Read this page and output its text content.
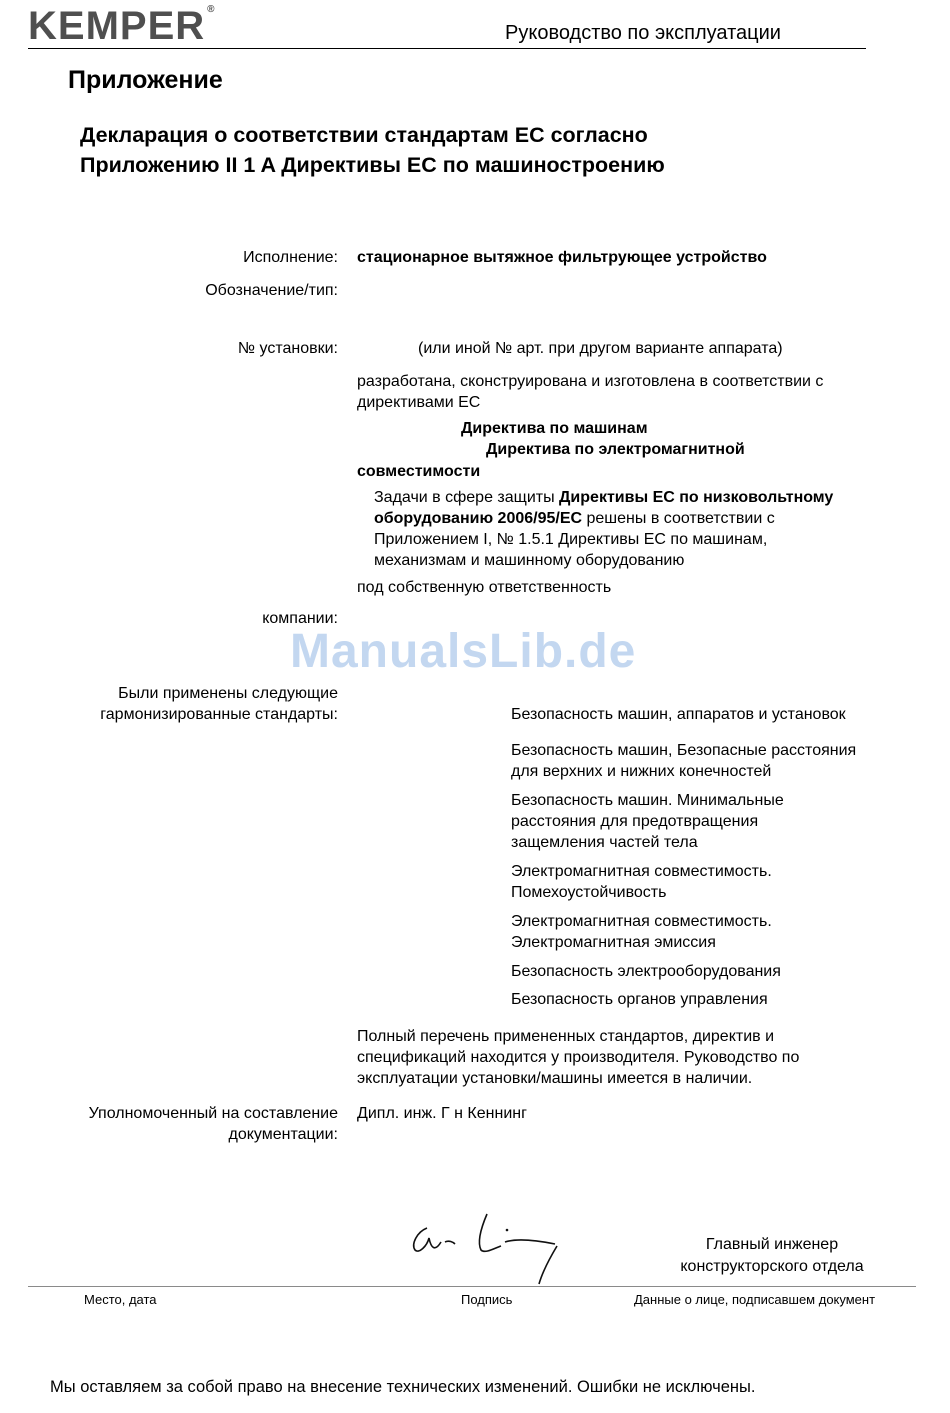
KEMPER ®
Руководство по эксплуатации
Приложение
Декларация о соответствии стандартам ЕС согласно
Приложению II 1 A Директивы ЕС по машиностроению
Исполнение: стационарное вытяжное фильтрующее устройство
Обозначение/тип:
№ установки:	(или иной № арт. при другом варианте аппарата)
разработана, сконструирована и изготовлена в соответствии с
директивами ЕС
Директива по машинам
Директива по электромагнитной
совместимости
Задачи в сфере защиты Директивы ЕС по низковольтному
оборудованию 2006/95/ЕС решены в соответствии с
Приложением I, № 1.5.1 Директивы ЕС по машинам,
механизмам и машинному оборудованию
под собственную ответственность
компании:
ManualsLib.de
Были применены следующие
гармонизированные стандарты:	Безопасность машин, аппаратов и установок
Безопасность машин, Безопасные расстояния
для верхних и нижних конечностей
Безопасность машин. Минимальные
расстояния для предотвращения
защемления частей тела
Электромагнитная совместимость.
Помехоустойчивость
Электромагнитная совместимость.
Электромагнитная эмиссия
Безопасность электрооборудования
Безопасность органов управления
Полный перечень примененных стандартов, директив и
спецификаций находится у производителя. Руководство по
эксплуатации установки/машины имеется в наличии.
Уполномоченный на составление
документации:
Дипл. инж. Г н Кеннинг
Главный инженер
конструкторского отдела
Место, дата	Подпись	Данные о лице, подписавшем документ
Мы оставляем за собой право на внесение технических изменений. Ошибки не исключены.
